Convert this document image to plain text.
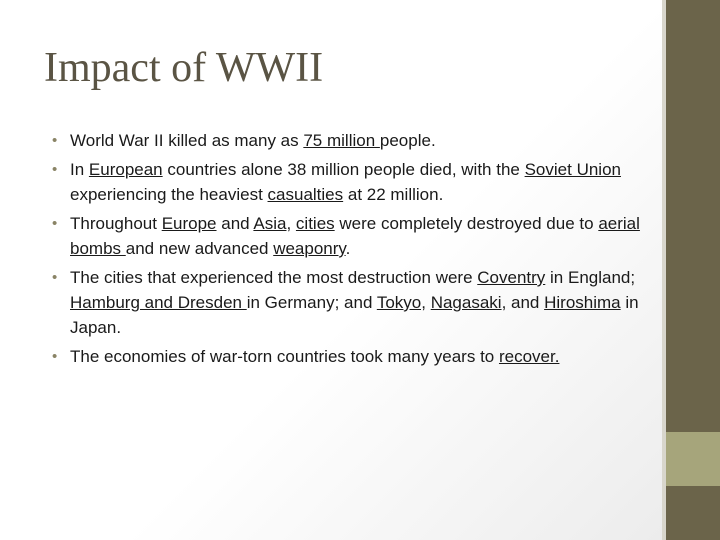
Impact of WWII
• World War II killed as many as 75 million people.
• In European countries alone 38 million people died, with the Soviet Union experiencing the heaviest casualties at 22 million.
• Throughout Europe and Asia, cities were completely destroyed due to aerial bombs and new advanced weaponry.
• The cities that experienced the most destruction were Coventry in England; Hamburg and Dresden in Germany; and Tokyo, Nagasaki, and Hiroshima in Japan.
• The economies of war-torn countries took many years to recover.
